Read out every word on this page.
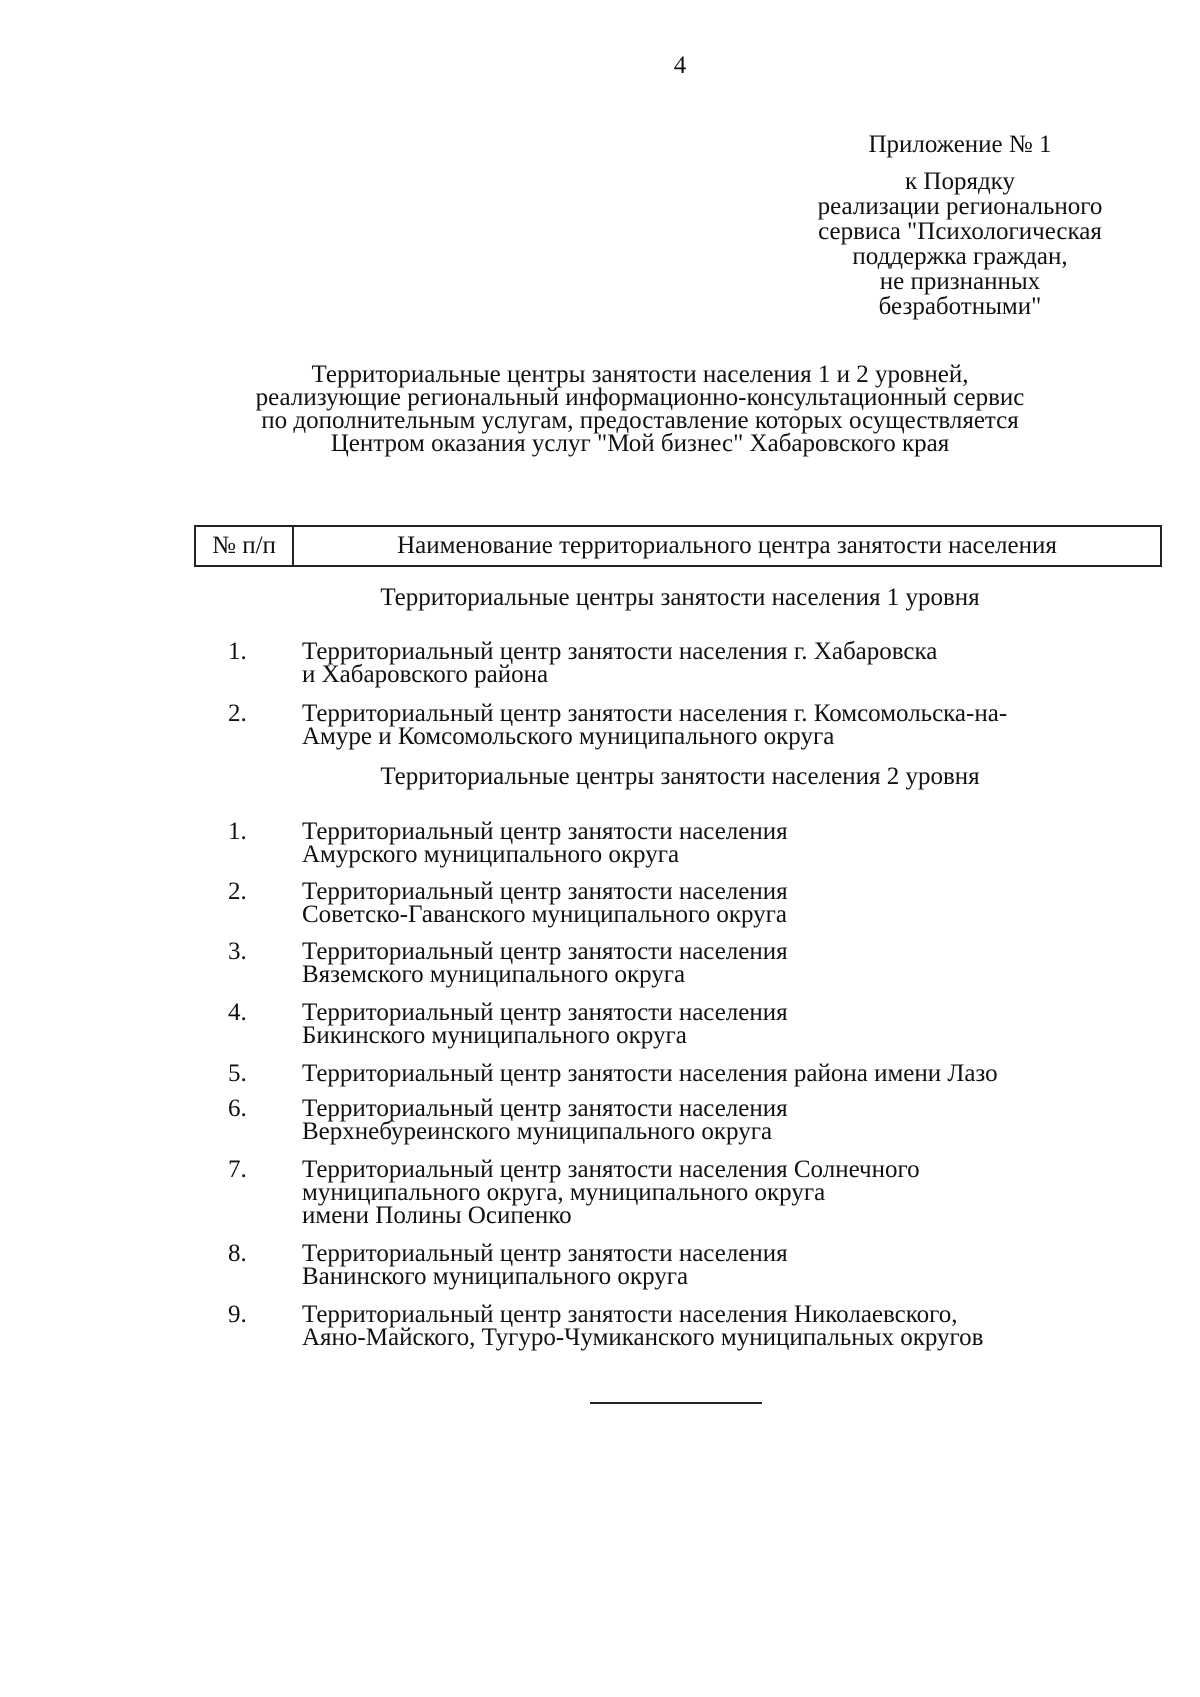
4
Приложение № 1
к Порядку
реализации регионального
сервиса "Психологическая
поддержка граждан,
не признанных
безработными"
Территориальные центры занятости населения 1 и 2 уровней,
реализующие региональный информационно-консультационный сервис
по дополнительным услугам, предоставление которых осуществляется
Центром оказания услуг "Мой бизнес" Хабаровского края
№ п/п	Наименование территориального центра занятости населения
Территориальные центры занятости населения 1 уровня
1. Территориальный центр занятости населения г. Хабаровска
и Хабаровского района
2. Территориальный центр занятости населения г. Комсомольска-на-
Амуре и Комсомольского муниципального округа
Территориальные центры занятости населения 2 уровня
1. Территориальный центр занятости населения
Амурского муниципального округа
2. Территориальный центр занятости населения
Советско-Гаванского муниципального округа
3. Территориальный центр занятости населения
Вяземского муниципального округа
4. Территориальный центр занятости населения
Бикинского муниципального округа
5. Территориальный центр занятости населения района имени Лазо
6. Территориальный центр занятости населения
Верхнебуреинского муниципального округа
7. Территориальный центр занятости населения Солнечного
муниципального округа, муниципального округа
имени Полины Осипенко
8. Территориальный центр занятости населения
Ванинского муниципального округа
9. Территориальный центр занятости населения Николаевского,
Аяно-Майского, Тугуро-Чумиканского муниципальных округов
